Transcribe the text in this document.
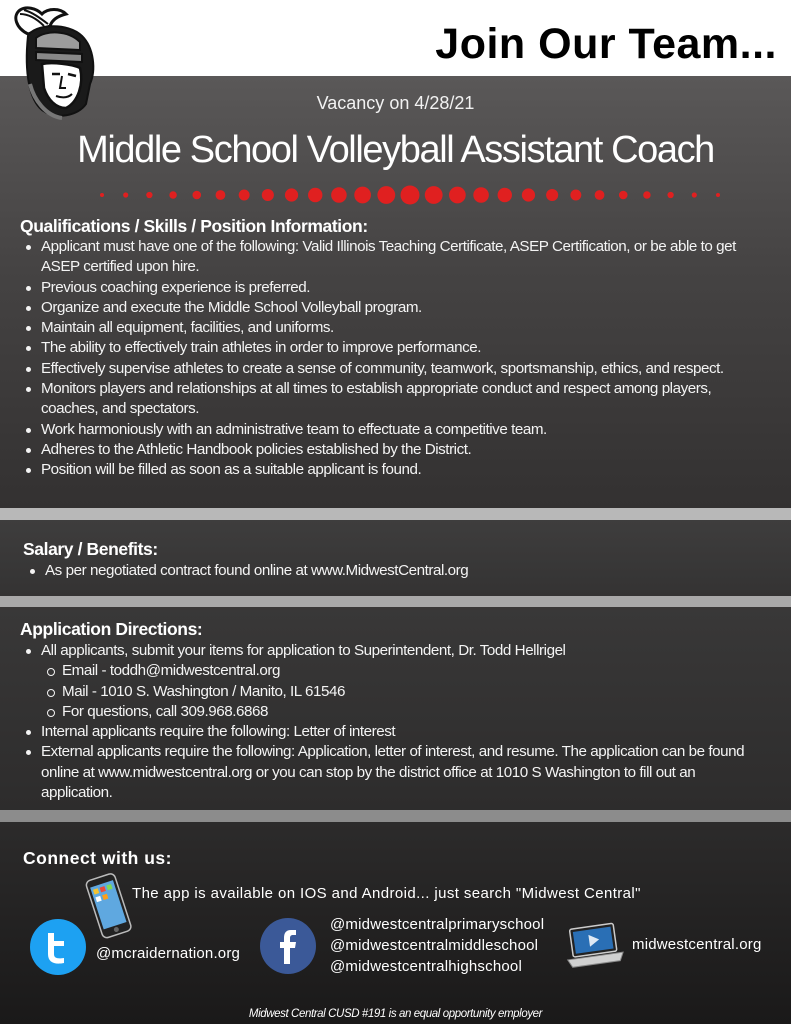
Join Our Team...
Vacancy on 4/28/21
Middle School Volleyball Assistant Coach
Qualifications / Skills / Position Information:
Applicant must have one of the following: Valid Illinois Teaching Certificate, ASEP Certification, or be able to get ASEP certified upon hire.
Previous coaching experience is preferred.
Organize and execute the Middle School Volleyball program.
Maintain all equipment, facilities, and uniforms.
The ability to effectively train athletes in order to improve performance.
Effectively supervise athletes to create a sense of community, teamwork, sportsmanship, ethics, and respect.
Monitors players and relationships at all times to establish appropriate conduct and respect among players, coaches, and spectators.
Work harmoniously with an administrative team to effectuate a competitive team.
Adheres to the Athletic Handbook policies established by the District.
Position will be filled as soon as a suitable applicant is found.
Salary / Benefits:
As per negotiated contract found online at www.MidwestCentral.org
Application Directions:
All applicants, submit your items for application to Superintendent, Dr. Todd Hellrigel
Email - toddh@midwestcentral.org
Mail - 1010 S. Washington / Manito, IL 61546
For questions, call 309.968.6868
Internal applicants require the following: Letter of interest
External applicants require the following: Application, letter of interest, and resume. The application can be found online at www.midwestcentral.org or you can stop by the district office at 1010 S Washington to fill out an application.
Connect with us:
The app is available on IOS and Android... just search "Midwest Central"
@mcraidernation.org
@midwestcentralprimaryschool
@midwestcentralmiddleschool
@midwestcentralhighschool
midwestcentral.org
Midwest Central CUSD #191 is an equal opportunity employer
